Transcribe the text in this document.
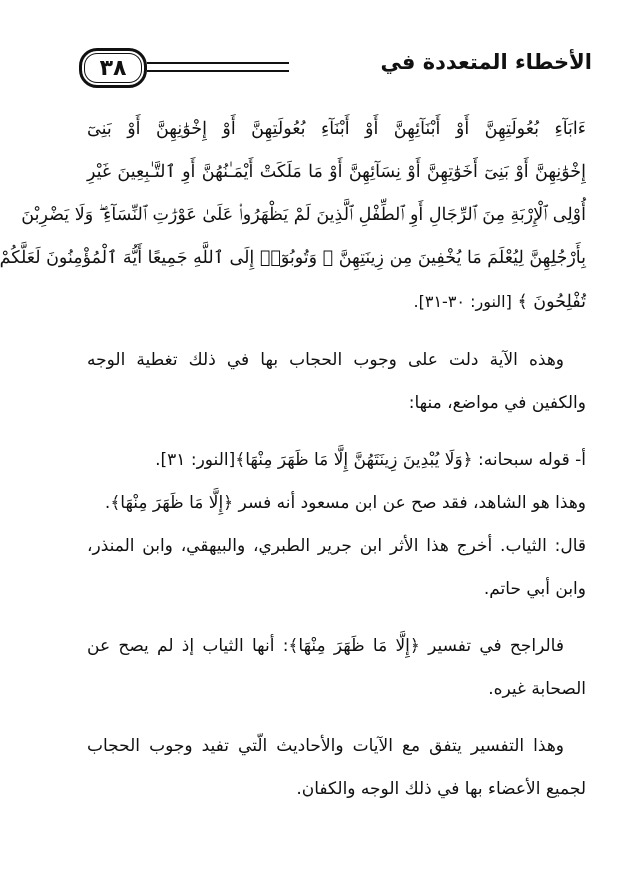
٣٨	الأخطاء المتعددة في
ءَابَآءِ بُعُولَتِهِنَّ أَوْ أَبْنَآئِهِنَّ أَوْ أَبْنَآءِ بُعُولَتِهِنَّ أَوْ إِخْوَٰنِهِنَّ أَوْ بَنِىٓ
إِخْوَٰنِهِنَّ أَوْ بَنِىٓ أَخَوَٰتِهِنَّ أَوْ نِسَآئِهِنَّ أَوْ مَا مَلَكَتْ أَيْمَـٰنُهُنَّ أَوِ ٱلتَّـٰبِعِينَ غَيْرِ
أُوْلِى ٱلْإِرْبَةِ مِنَ ٱلرِّجَالِ أَوِ ٱلطِّفْلِ ٱلَّذِينَ لَمْ يَظْهَرُوا۟ عَلَىٰ عَوْرَٰتِ ٱلنِّسَآءِ ۖ وَلَا يَضْرِبْنَ
بِأَرْجُلِهِنَّ لِيُعْلَمَ مَا يُخْفِينَ مِن زِينَتِهِنَّ ۚ وَتُوبُوٓا۟ إِلَى ٱللَّهِ جَمِيعًا أَيُّهَ ٱلْمُؤْمِنُونَ لَعَلَّكُمْ
تُفْلِحُونَ ﴾ [النور: ٣٠-٣١].

وهذه الآية دلت على وجوب الحجاب بها في ذلك تغطية الوجه والكفين في مواضع، منها:

أ- قوله سبحانه: ﴿وَلَا يُبْدِينَ زِينَتَهُنَّ إِلَّا مَا ظَهَرَ مِنْهَا﴾[النور: ٣١].

وهذا هو الشاهد، فقد صح عن ابن مسعود أنه فسر ﴿إِلَّا مَا ظَهَرَ مِنْهَا﴾.

قال: الثياب. أخرج هذا الأثر ابن جرير الطبري، والبيهقي، وابن المنذر، وابن أبي حاتم.

فالراجح في تفسير ﴿إِلَّا مَا ظَهَرَ مِنْهَا﴾: أنها الثياب إذ لم يصح عن الصحابة غيره.

وهذا التفسير يتفق مع الآيات والأحاديث الّتي تفيد وجوب الحجاب لجميع الأعضاء بها في ذلك الوجه والكفان.
